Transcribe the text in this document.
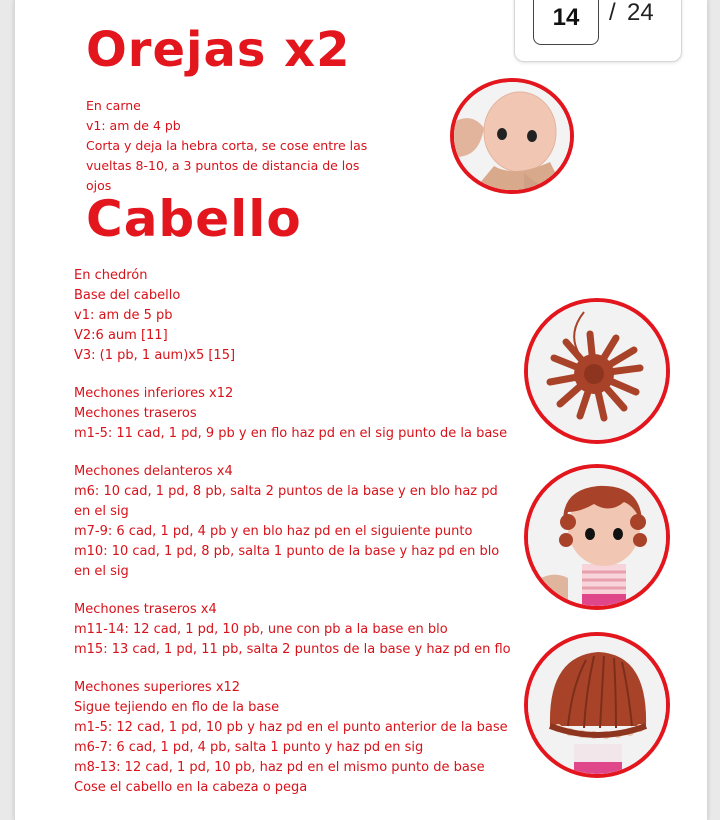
14	/ 24
Orejas x2

En carne

v1: am de 4 pb

Corta y deja la hebra corta, se cose entre las vueltas 8-10, a 3 puntos de distancia de los ojos

Cabello

En chedrón

Base del cabello

v1: am de 5 pb

V2:6 aum [11]

V3: (1 pb, 1 aum)x5 [15]

Mechones inferiores x12

Mechones traseros

m1-5: 11 cad, 1 pd, 9 pb y en flo haz pd en el sig punto de la base

Mechones delanteros x4

m6: 10 cad, 1 pd, 8 pb, salta 2 puntos de la base y en blo haz pd

en el sig

m7-9: 6 cad, 1 pd, 4 pb y en blo haz pd en el siguiente punto

m10: 10 cad, 1 pd, 8 pb, salta 1 punto de la base y haz pd en blo

en el sig

Mechones traseros x4

m11-14: 12 cad, 1 pd, 10 pb, une con pb a la base en blo

m15: 13 cad, 1 pd, 11 pb, salta 2 puntos de la base y haz pd en flo

Mechones superiores x12

Sigue tejiendo en flo de la base

m1-5: 12 cad, 1 pd, 10 pb y haz pd en el punto anterior de la base

m6-7: 6 cad, 1 pd, 4 pb, salta 1 punto y haz pd en sig

m8-13: 12 cad, 1 pd, 10 pb, haz pd en el mismo punto de base

Cose el cabello en la cabeza o pega
